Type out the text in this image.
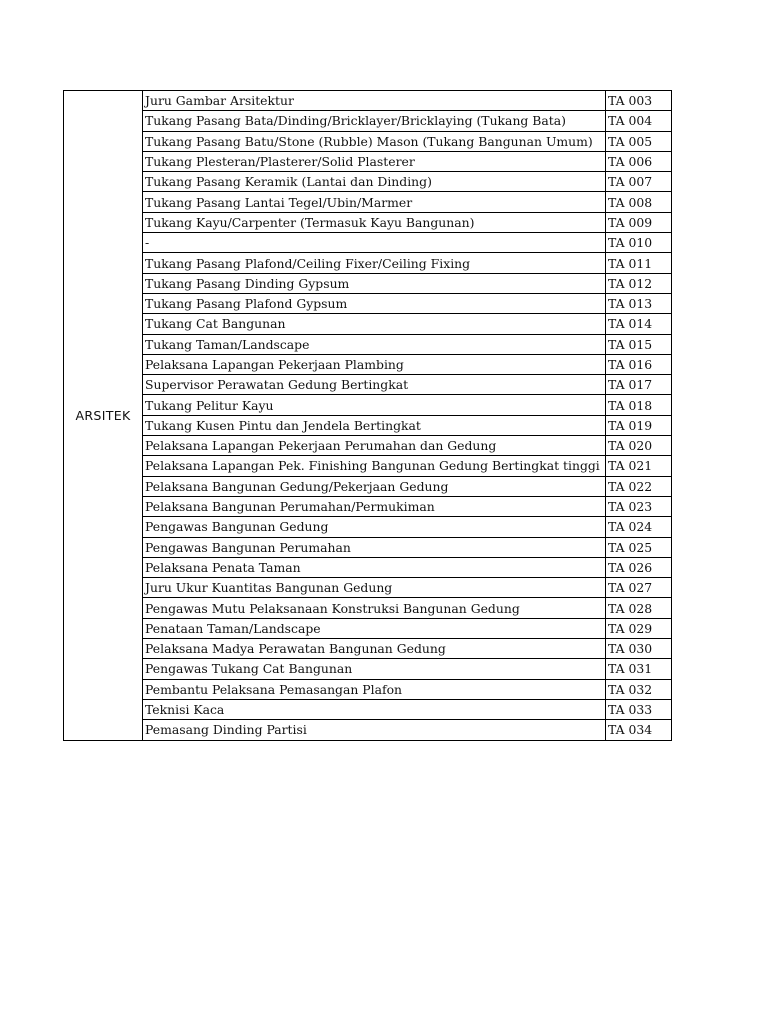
ARSITEK	Juru Gambar Arsitektur	TA 003
	Tukang Pasang Bata/Dinding/Bricklayer/Bricklaying (Tukang Bata)	TA 004
	Tukang Pasang Batu/Stone (Rubble) Mason (Tukang Bangunan Umum)	TA 005
	Tukang Plesteran/Plasterer/Solid Plasterer	TA 006
	Tukang Pasang Keramik (Lantai dan Dinding)	TA 007
	Tukang Pasang Lantai Tegel/Ubin/Marmer	TA 008
	Tukang Kayu/Carpenter (Termasuk Kayu Bangunan)	TA 009
	-	TA 010
	Tukang Pasang Plafond/Ceiling Fixer/Ceiling Fixing	TA 011
	Tukang Pasang Dinding Gypsum	TA 012
	Tukang Pasang Plafond Gypsum	TA 013
	Tukang Cat Bangunan	TA 014
	Tukang Taman/Landscape	TA 015
	Pelaksana Lapangan Pekerjaan Plambing	TA 016
	Supervisor Perawatan Gedung Bertingkat	TA 017
	Tukang Pelitur Kayu	TA 018
	Tukang Kusen Pintu dan Jendela Bertingkat	TA 019
	Pelaksana Lapangan Pekerjaan Perumahan dan Gedung	TA 020
	Pelaksana Lapangan Pek. Finishing Bangunan Gedung Bertingkat tinggi	TA 021
	Pelaksana Bangunan Gedung/Pekerjaan Gedung	TA 022
	Pelaksana Bangunan Perumahan/Permukiman	TA 023
	Pengawas Bangunan Gedung	TA 024
	Pengawas Bangunan Perumahan	TA 025
	Pelaksana Penata Taman	TA 026
	Juru Ukur Kuantitas Bangunan Gedung	TA 027
	Pengawas Mutu Pelaksanaan Konstruksi Bangunan Gedung	TA 028
	Penataan Taman/Landscape	TA 029
	Pelaksana Madya Perawatan Bangunan Gedung	TA 030
	Pengawas Tukang Cat Bangunan	TA 031
	Pembantu Pelaksana Pemasangan Plafon	TA 032
	Teknisi Kaca	TA 033
	Pemasang Dinding Partisi	TA 034
